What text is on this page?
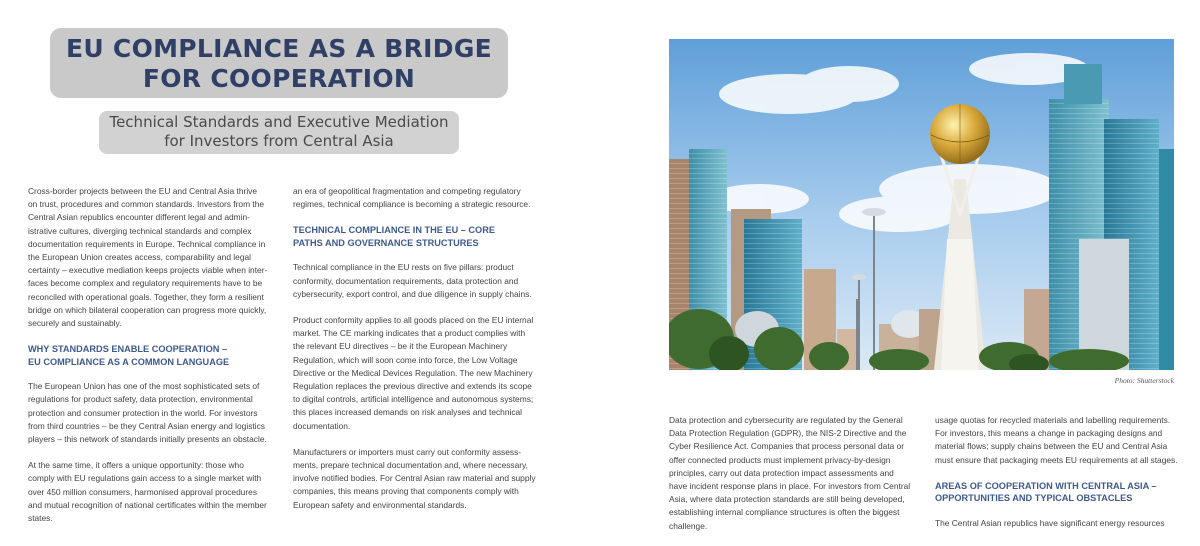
EU COMPLIANCE AS A BRIDGE
FOR COOPERATION

Technical Standards and Executive Mediation
for Investors from Central Asia

Cross-border projects between the EU and Central Asia thrive on trust, procedures and common standards. Investors from the Central Asian republics encounter different legal and administrative cultures, diverging technical standards and complex documentation requirements in Europe. Technical compliance in the European Union creates access, comparability and legal certainty – executive mediation keeps projects viable when interfaces become complex and regulatory requirements have to be reconciled with operational goals. Together, they form a resilient bridge on which bilateral cooperation can progress more quickly, securely and sustainably.

WHY STANDARDS ENABLE COOPERATION –
EU COMPLIANCE AS A COMMON LANGUAGE

The European Union has one of the most sophisticated sets of regulations for product safety, data protection, environmental protection and consumer protection in the world. For investors from third countries – be they Central Asian energy and logistics players – this network of standards initially presents an obstacle.

At the same time, it offers a unique opportunity: those who comply with EU regulations gain access to a single market with over 450 million consumers, harmonised approval procedures and mutual recognition of national certificates within the member states.

an era of geopolitical fragmentation and competing regulatory regimes, technical compliance is becoming a strategic resource.

TECHNICAL COMPLIANCE IN THE EU – CORE
PATHS AND GOVERNANCE STRUCTURES

Technical compliance in the EU rests on five pillars: product conformity, documentation requirements, data protection and cybersecurity, export control, and due diligence in supply chains.

Product conformity applies to all goods placed on the EU internal market. The CE marking indicates that a product complies with the relevant EU directives – be it the European Machinery Regulation, which will soon come into force, the Low Voltage Directive or the Medical Devices Regulation. The new Machinery Regulation replaces the previous directive and extends its scope to digital controls, artificial intelligence and autonomous systems; this places increased demands on risk analyses and technical documentation.

Manufacturers or importers must carry out conformity assessments, prepare technical documentation and, where necessary, involve notified bodies. For Central Asian raw material and supply companies, this means proving that components comply with European safety and environmental standards.

Photo: Shutterstock

Data protection and cybersecurity are regulated by the General Data Protection Regulation (GDPR), the NIS-2 Directive and the Cyber Resilience Act. Companies that process personal data or offer connected products must implement privacy-by-design principles, carry out data protection impact assessments and have incident response plans in place. For investors from Central Asia, where data protection standards are still being developed, establishing internal compliance structures is often the biggest challenge.

usage quotas for recycled materials and labelling requirements. For investors, this means a change in packaging designs and material flows; supply chains between the EU and Central Asia must ensure that packaging meets EU requirements at all stages.

AREAS OF COOPERATION WITH CENTRAL ASIA –
OPPORTUNITIES AND TYPICAL OBSTACLES

The Central Asian republics have significant energy resources
